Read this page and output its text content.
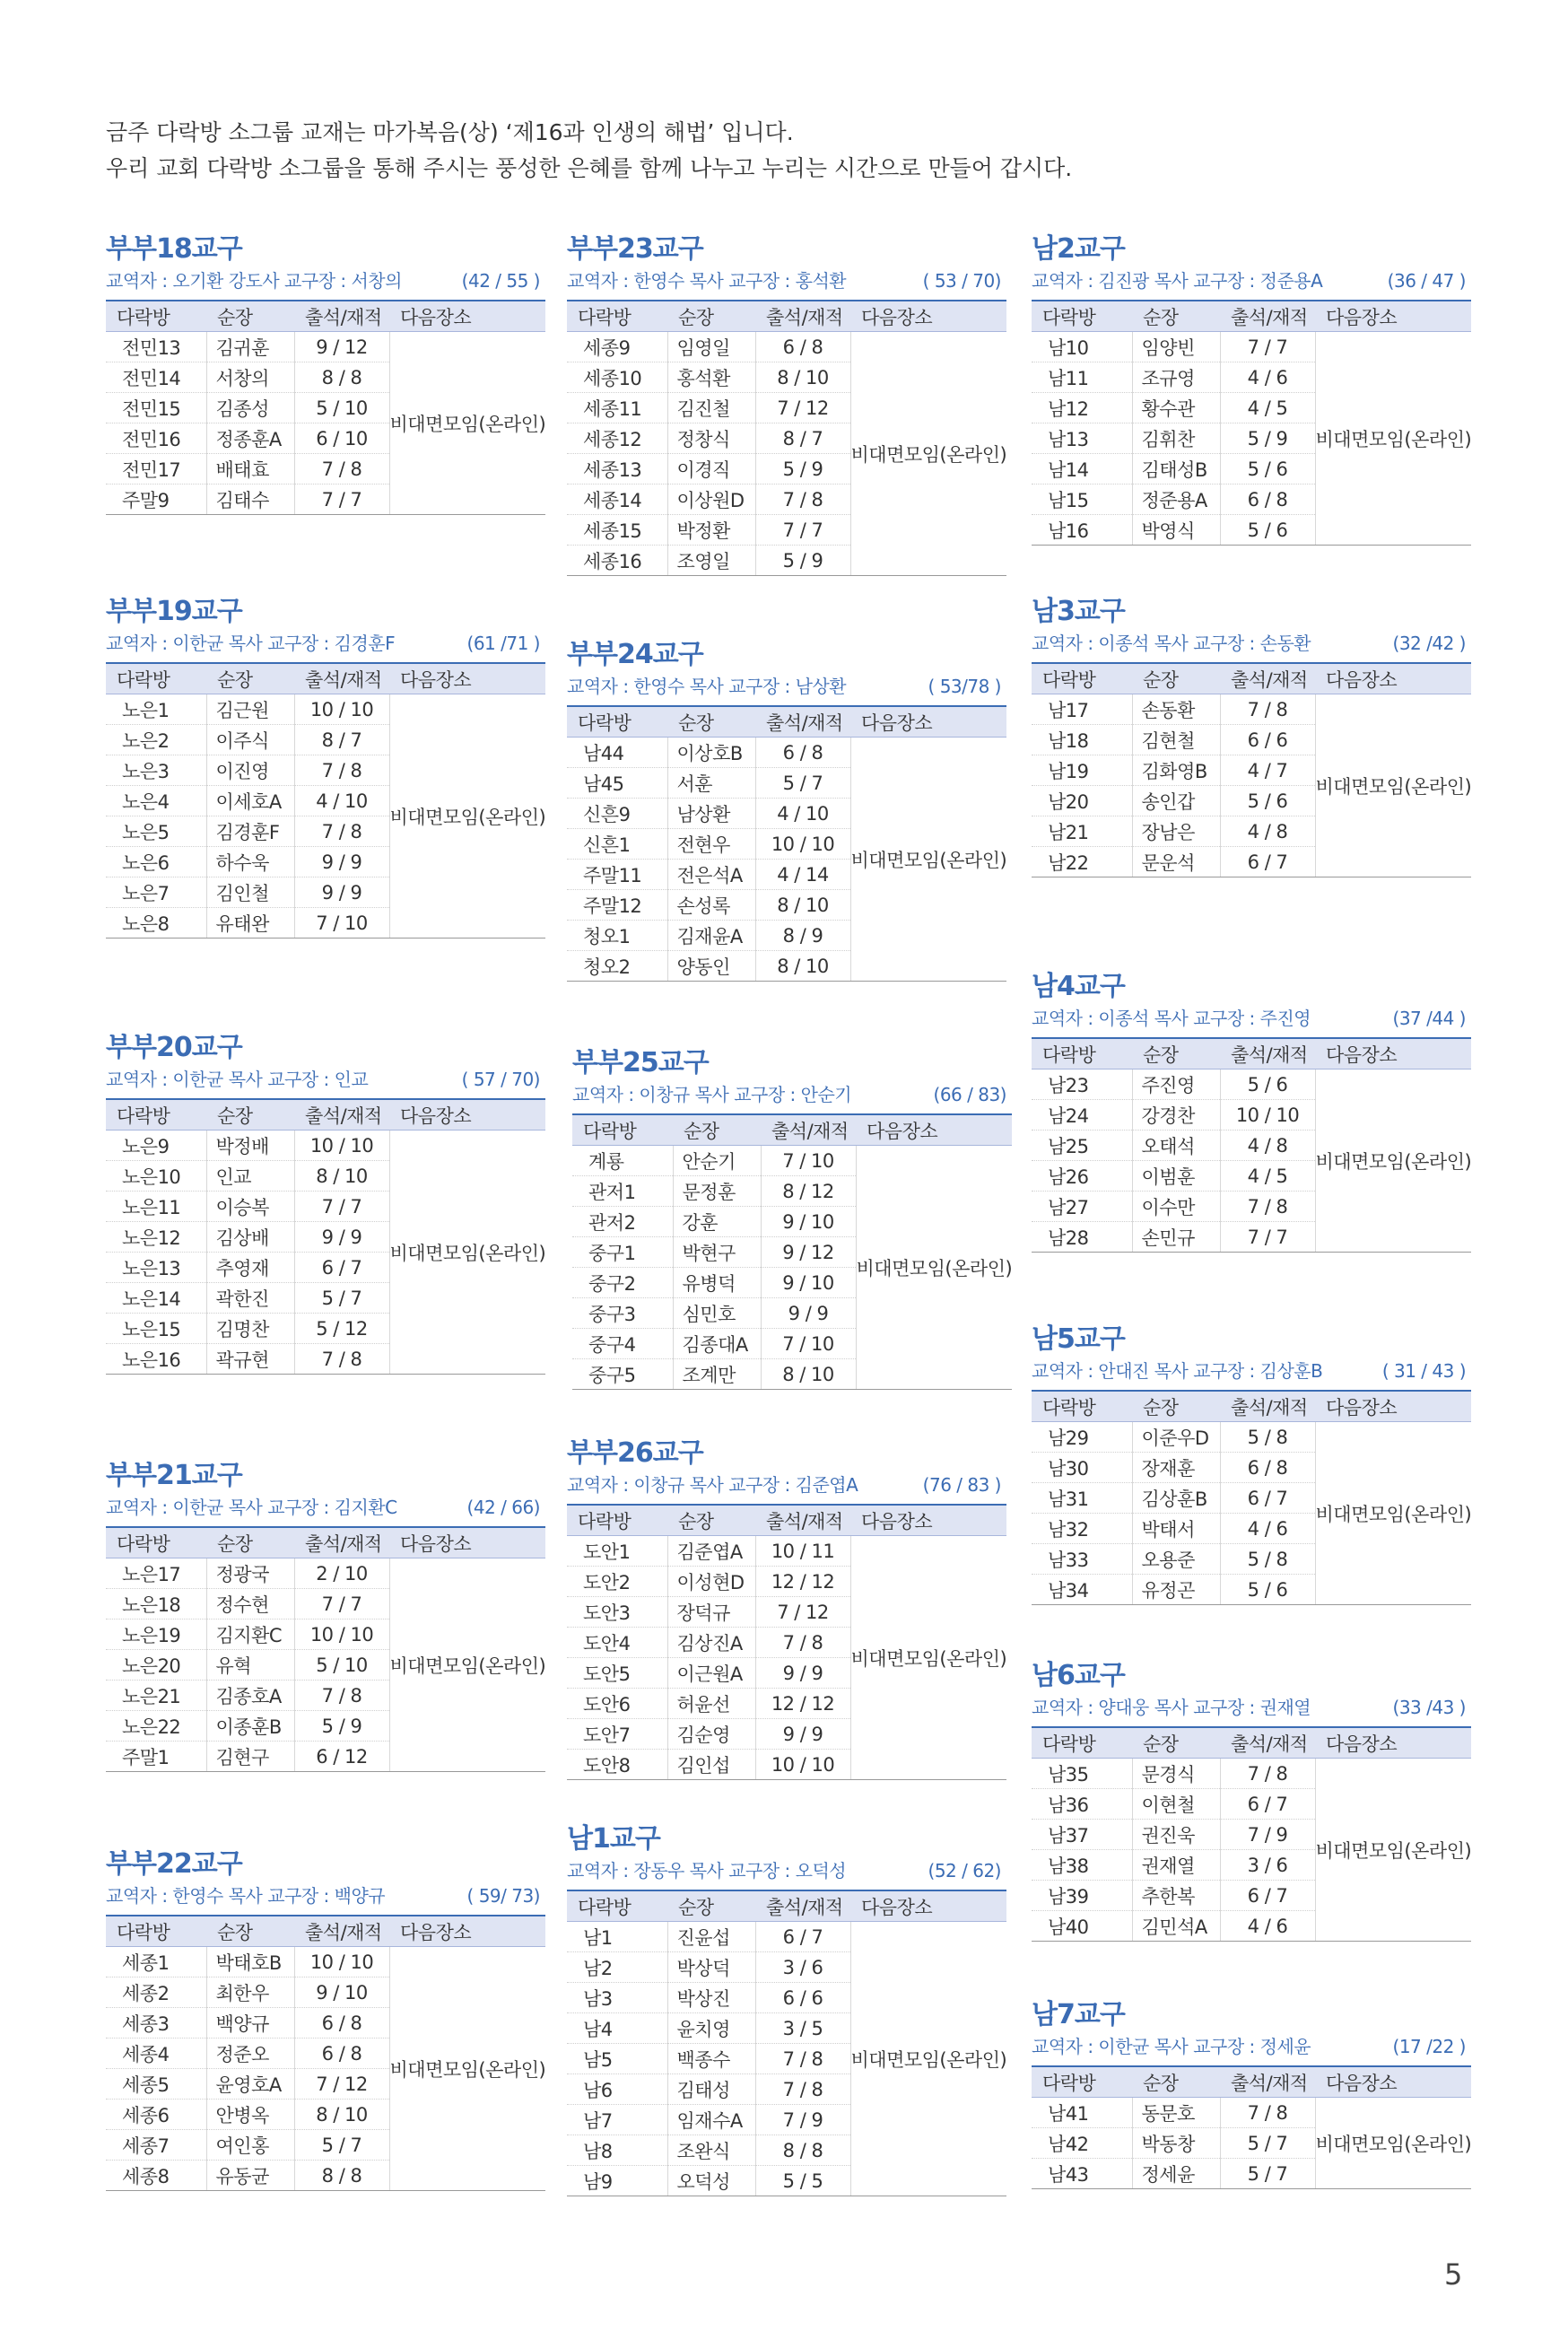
금주 다락방 소그룹 교재는 마가복음(상) ‘제16과 인생의 해법’ 입니다.

우리 교회 다락방 소그룹을 통해 주시는 풍성한 은혜를 함께 나누고 누리는 시간으로 만들어 갑시다.

부부18교구
교역자 : 오기환 강도사 교구장 : 서창의	(42 / 55 )
다락방	순장	출석/재적	다음장소
전민13	김귀훈	9 / 12	비대면모임(온라인)
전민14	서창의	8 / 8	
전민15	김종성	5 / 10	
전민16	정종훈A	6 / 10	
전민17	배태효	7 / 8	
주말9	김태수	7 / 7	
부부19교구
교역자 : 이한균 목사 교구장 : 김경훈F	(61 /71 )
다락방	순장	출석/재적	다음장소
노은1	김근원	10 / 10	비대면모임(온라인)
노은2	이주식	8 / 7	
노은3	이진영	7 / 8	
노은4	이세호A	4 / 10	
노은5	김경훈F	7 / 8	
노은6	하수욱	9 / 9	
노은7	김인철	9 / 9	
노은8	유태완	7 / 10	
부부20교구
교역자 : 이한균 목사 교구장 : 인교	( 57 / 70)
다락방	순장	출석/재적	다음장소
노은9	박정배	10 / 10	비대면모임(온라인)
노은10	인교	8 / 10	
노은11	이승복	7 / 7	
노은12	김상배	9 / 9	
노은13	추영재	6 / 7	
노은14	곽한진	5 / 7	
노은15	김명찬	5 / 12	
노은16	곽규현	7 / 8	
부부21교구
교역자 : 이한균 목사 교구장 : 김지환C	(42 / 66)
다락방	순장	출석/재적	다음장소
노은17	정광국	2 / 10	비대면모임(온라인)
노은18	정수현	7 / 7	
노은19	김지환C	10 / 10	
노은20	유혁	5 / 10	
노은21	김종호A	7 / 8	
노은22	이종훈B	5 / 9	
주말1	김현구	6 / 12	
부부22교구
교역자 : 한영수 목사 교구장 : 백양규	( 59/ 73)
다락방	순장	출석/재적	다음장소
세종1	박태호B	10 / 10	비대면모임(온라인)
세종2	최한우	9 / 10	
세종3	백양규	6 / 8	
세종4	정준오	6 / 8	
세종5	윤영호A	7 / 12	
세종6	안병옥	8 / 10	
세종7	여인홍	5 / 7	
세종8	유동균	8 / 8	
부부23교구
교역자 : 한영수 목사 교구장 : 홍석환	( 53 / 70)
다락방	순장	출석/재적	다음장소
세종9	임영일	6 / 8	비대면모임(온라인)
세종10	홍석환	8 / 10	
세종11	김진철	7 / 12	
세종12	정창식	8 / 7	
세종13	이경직	5 / 9	
세종14	이상원D	7 / 8	
세종15	박정환	7 / 7	
세종16	조영일	5 / 9	
부부24교구
교역자 : 한영수 목사 교구장 : 남상환	( 53/78 )
다락방	순장	출석/재적	다음장소
남44	이상호B	6 / 8	비대면모임(온라인)
남45	서훈	5 / 7	
신흔9	남상환	4 / 10	
신흔1	전현우	10 / 10	
주말11	전은석A	4 / 14	
주말12	손성록	8 / 10	
청오1	김재윤A	8 / 9	
청오2	양동인	8 / 10	
부부25교구
교역자 : 이창규 목사 교구장 : 안순기	(66 / 83)
다락방	순장	출석/재적	다음장소
계룡	안순기	7 / 10	비대면모임(온라인)
관저1	문정훈	8 / 12	
관저2	강훈	9 / 10	
중구1	박현구	9 / 12	
중구2	유병덕	9 / 10	
중구3	심민호	9 / 9	
중구4	김종대A	7 / 10	
중구5	조계만	8 / 10	
부부26교구
교역자 : 이창규 목사 교구장 : 김준엽A	(76 / 83 )
다락방	순장	출석/재적	다음장소
도안1	김준엽A	10 / 11	비대면모임(온라인)
도안2	이성현D	12 / 12	
도안3	장덕규	7 / 12	
도안4	김상진A	7 / 8	
도안5	이근원A	9 / 9	
도안6	허윤선	12 / 12	
도안7	김순영	9 / 9	
도안8	김인섭	10 / 10	
남1교구
교역자 : 장동우 목사 교구장 : 오덕성	(52 / 62)
다락방	순장	출석/재적	다음장소
남1	진윤섭	6 / 7	비대면모임(온라인)
남2	박상덕	3 / 6	
남3	박상진	6 / 6	
남4	윤치영	3 / 5	
남5	백종수	7 / 8	
남6	김태성	7 / 8	
남7	임재수A	7 / 9	
남8	조완식	8 / 8	
남9	오덕성	5 / 5	
남2교구
교역자 : 김진광 목사 교구장 : 정준용A	(36 / 47 )
다락방	순장	출석/재적	다음장소
남10	임양빈	7 / 7	비대면모임(온라인)
남11	조규영	4 / 6	
남12	황수관	4 / 5	
남13	김휘찬	5 / 9	
남14	김태성B	5 / 6	
남15	정준용A	6 / 8	
남16	박영식	5 / 6	
남3교구
교역자 : 이종석 목사 교구장 : 손동환	(32 /42 )
다락방	순장	출석/재적	다음장소
남17	손동환	7 / 8	비대면모임(온라인)
남18	김현철	6 / 6	
남19	김화영B	4 / 7	
남20	송인갑	5 / 6	
남21	장남은	4 / 8	
남22	문운석	6 / 7	
남4교구
교역자 : 이종석 목사 교구장 : 주진영	(37 /44 )
다락방	순장	출석/재적	다음장소
남23	주진영	5 / 6	비대면모임(온라인)
남24	강경찬	10 / 10	
남25	오태석	4 / 8	
남26	이범훈	4 / 5	
남27	이수만	7 / 8	
남28	손민규	7 / 7	
남5교구
교역자 : 안대진 목사 교구장 : 김상훈B	( 31 / 43 )
다락방	순장	출석/재적	다음장소
남29	이준우D	5 / 8	비대면모임(온라인)
남30	장재훈	6 / 8	
남31	김상훈B	6 / 7	
남32	박태서	4 / 6	
남33	오용준	5 / 8	
남34	유정곤	5 / 6	
남6교구
교역자 : 양대웅 목사 교구장 : 권재열	(33 /43 )
다락방	순장	출석/재적	다음장소
남35	문경식	7 / 8	비대면모임(온라인)
남36	이현철	6 / 7	
남37	권진욱	7 / 9	
남38	권재열	3 / 6	
남39	추한복	6 / 7	
남40	김민석A	4 / 6	
남7교구
교역자 : 이한균 목사 교구장 : 정세윤	(17 /22 )
다락방	순장	출석/재적	다음장소
남41	동문호	7 / 8	비대면모임(온라인)
남42	박동창	5 / 7	
남43	정세윤	5 / 7	
5
